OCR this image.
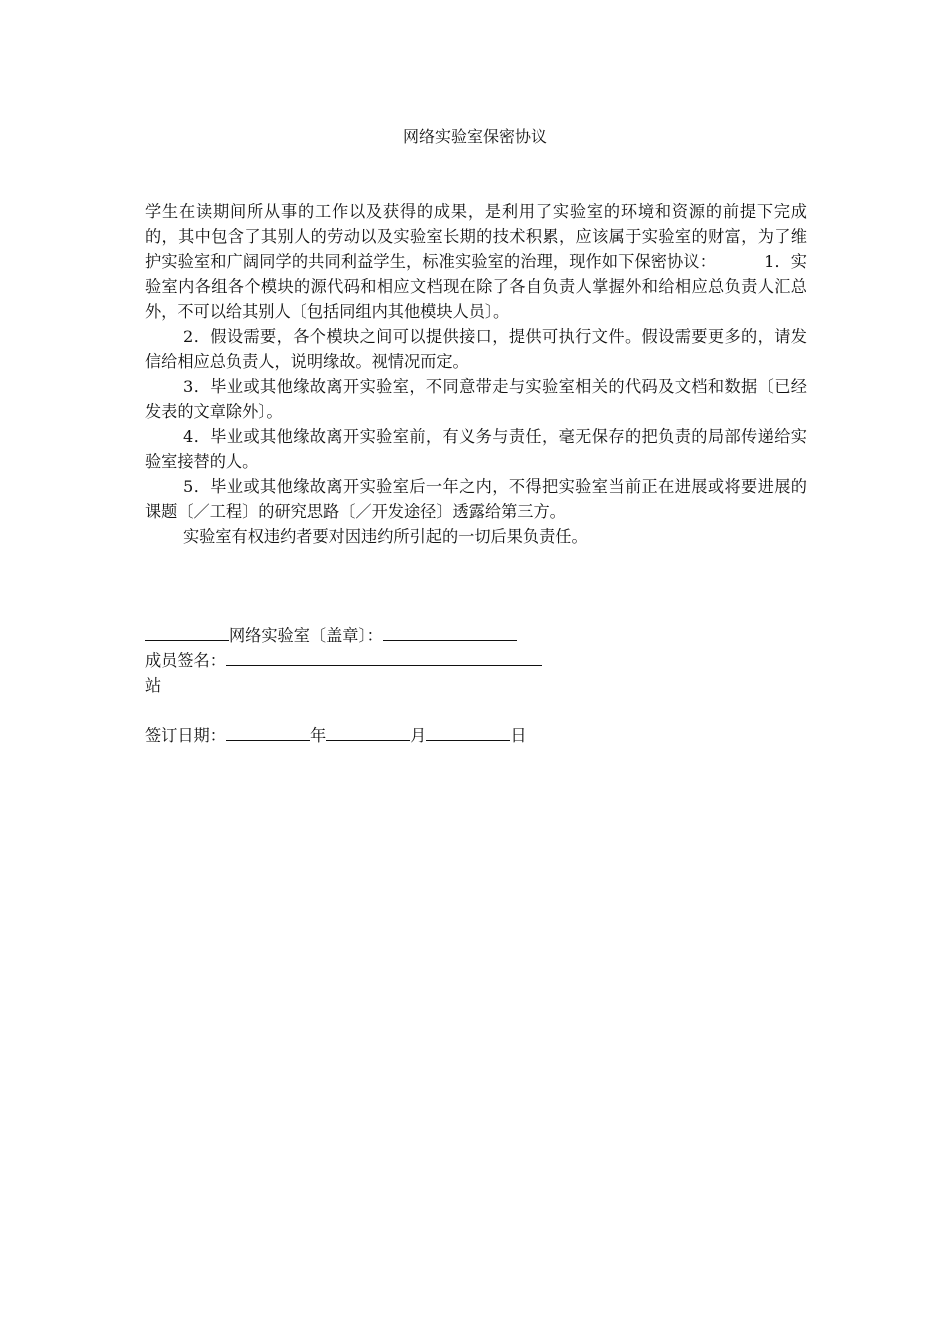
网络实验室保密协议

学生在读期间所从事的工作以及获得的成果，是利用了实验室的环境和资源的前提下完成的，其中包含了其别人的劳动以及实验室长期的技术积累，应该属于实验室的财富，为了维护实验室和广阔同学的共同利益学生，标准实验室的治理，现作如下保密协议：	1．实验室内各组各个模块的源代码和相应文档现在除了各自负责人掌握外和给相应总负责人汇总外，不可以给其别人〔包括同组内其他模块人员〕。

2．假设需要，各个模块之间可以提供接口，提供可执行文件。假设需要更多的，请发信给相应总负责人，说明缘故。视情况而定。

3．毕业或其他缘故离开实验室，不同意带走与实验室相关的代码及文档和数据〔已经发表的文章除外〕。

4．毕业或其他缘故离开实验室前，有义务与责任，毫无保存的把负责的局部传递给实验室接替的人。

5．毕业或其他缘故离开实验室后一年之内，不得把实验室当前正在进展或将要进展的课题〔／工程〕的研究思路〔／开发途径〕透露给第三方。

实验室有权违约者要对因违约所引起的一切后果负责任。

网络实验室〔盖章〕：
成员签名：
站
签订日期：	年	月	日
